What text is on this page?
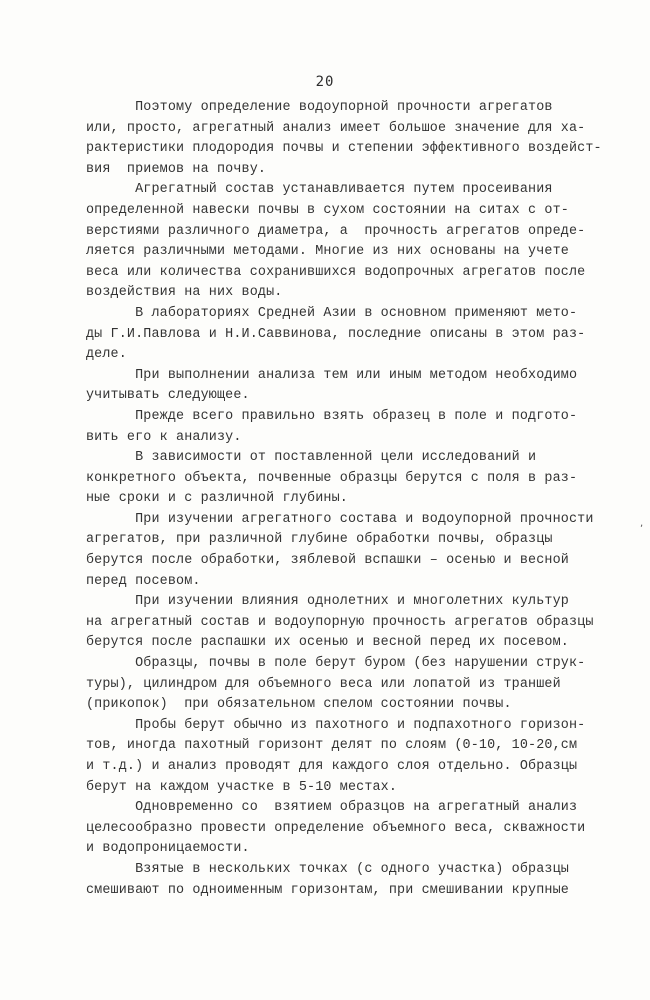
20
Поэтому определение водоупорной прочности агрегатов
или, просто, агрегатный анализ имеет большое значение для ха-
рактеристики плодородия почвы и степении эффективного воздейст-
вия  приемов на почву.
Агрегатный состав устанавливается путем просеивания
определенной навески почвы в сухом состоянии на ситах с от-
верстиями различного диаметра, а  прочность агрегатов опреде-
ляется различными методами. Многие из них основаны на учете
веса или количества сохранившихся водопрочных агрегатов после
воздействия на них воды.
В лабораториях Средней Азии в основном применяют мето-
ды Г.И.Павлова и Н.И.Саввинова, последние описаны в этом раз-
деле.
При выполнении анализа тем или иным методом необходимо
учитывать следующее.
Прежде всего правильно взять образец в поле и подгото-
вить его к анализу.
В зависимости от поставленной цели исследований и
конкретного объекта, почвенные образцы берутся с поля в раз-
ные сроки и с различной глубины.
При изучении агрегатного состава и водоупорной прочности
агрегатов, при различной глубине обработки почвы, образцы
берутся после обработки, зяблевой вспашки – осенью и весной
перед посевом.
При изучении влияния однолетних и многолетних культур
на агрегатный состав и водоупорную прочность агрегатов образцы
берутся после распашки их осенью и весной перед их посевом.
Образцы, почвы в поле берут буром (без нарушении струк-
туры), цилиндром для объемного веса или лопатой из траншей
(прикопок)  при обязательном спелом состоянии почвы.
Пробы берут обычно из пахотного и подпахотного горизон-
тов, иногда пахотный горизонт делят по слоям (0-10, 10-20,см
и т.д.) и анализ проводят для каждого слоя отдельно. Образцы
берут на каждом участке в 5-10 местах.
Одновременно со  взятием образцов на агрегатный анализ
целесообразно провести определение объемного веса, скважности
и водопроницаемости.
Взятые в нескольких точках (с одного участка) образцы
смешивают по одноименным горизонтам, при смешивании крупные
,
